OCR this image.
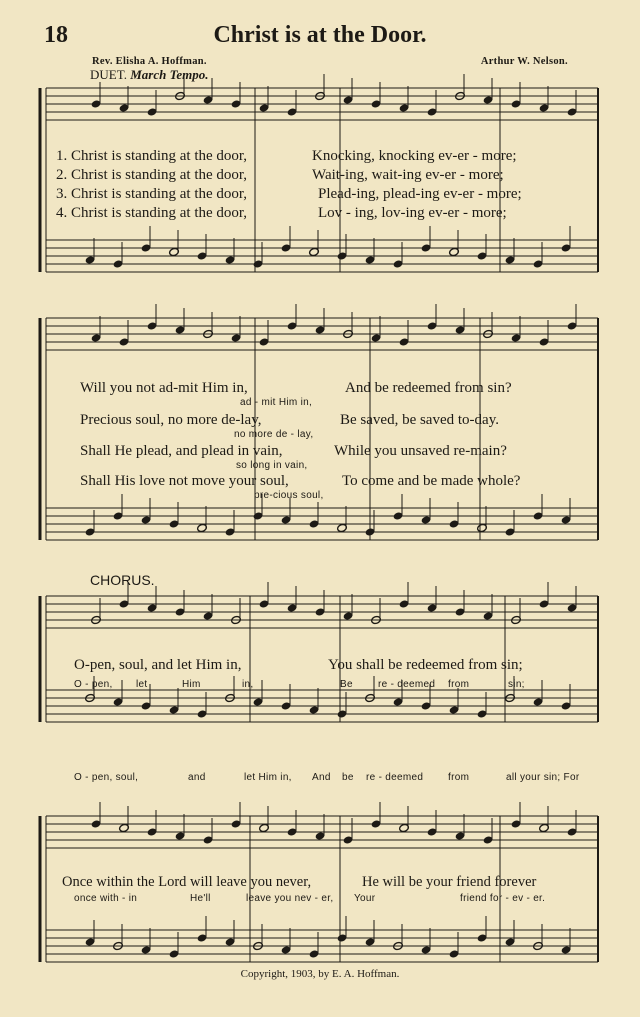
18	Christ is at the Door.
Rev. Elisha A. Hoffman.	Arthur W. Nelson.
DUET. March Tempo.
1. Christ is standing at the door,	Knocking, knocking ev-er - more;
2. Christ is standing at the door,	Wait-ing, wait-ing ev-er - more;
3. Christ is standing at the door,	Plead-ing, plead-ing ev-er - more;
4. Christ is standing at the door,	Lov - ing, lov-ing ev-er - more;
Will you not ad-mit Him in,	And be redeemed from sin?
ad - mit Him in,
Precious soul, no more de-lay,	Be saved, be saved to-day.
no more de - lay,
Shall He plead, and plead in vain,	While you unsaved re-main?
so long in vain,
Shall His love not move your soul,	To come and be made whole?
pre-cious soul,
CHORUS.
O-pen, soul, and let Him in,	You shall be redeemed from sin;
O - pen, let	Him	in,	Be	re - deemed from	sin;
O - pen, soul,	and	let Him in, And be re - deemed from	all your sin; For
Once within the Lord will leave you never,	He will be your friend forever
once with - in	He'll	leave you nev - er, Your	friend for - ev - er.
Copyright, 1903, by E. A. Hoffman.
